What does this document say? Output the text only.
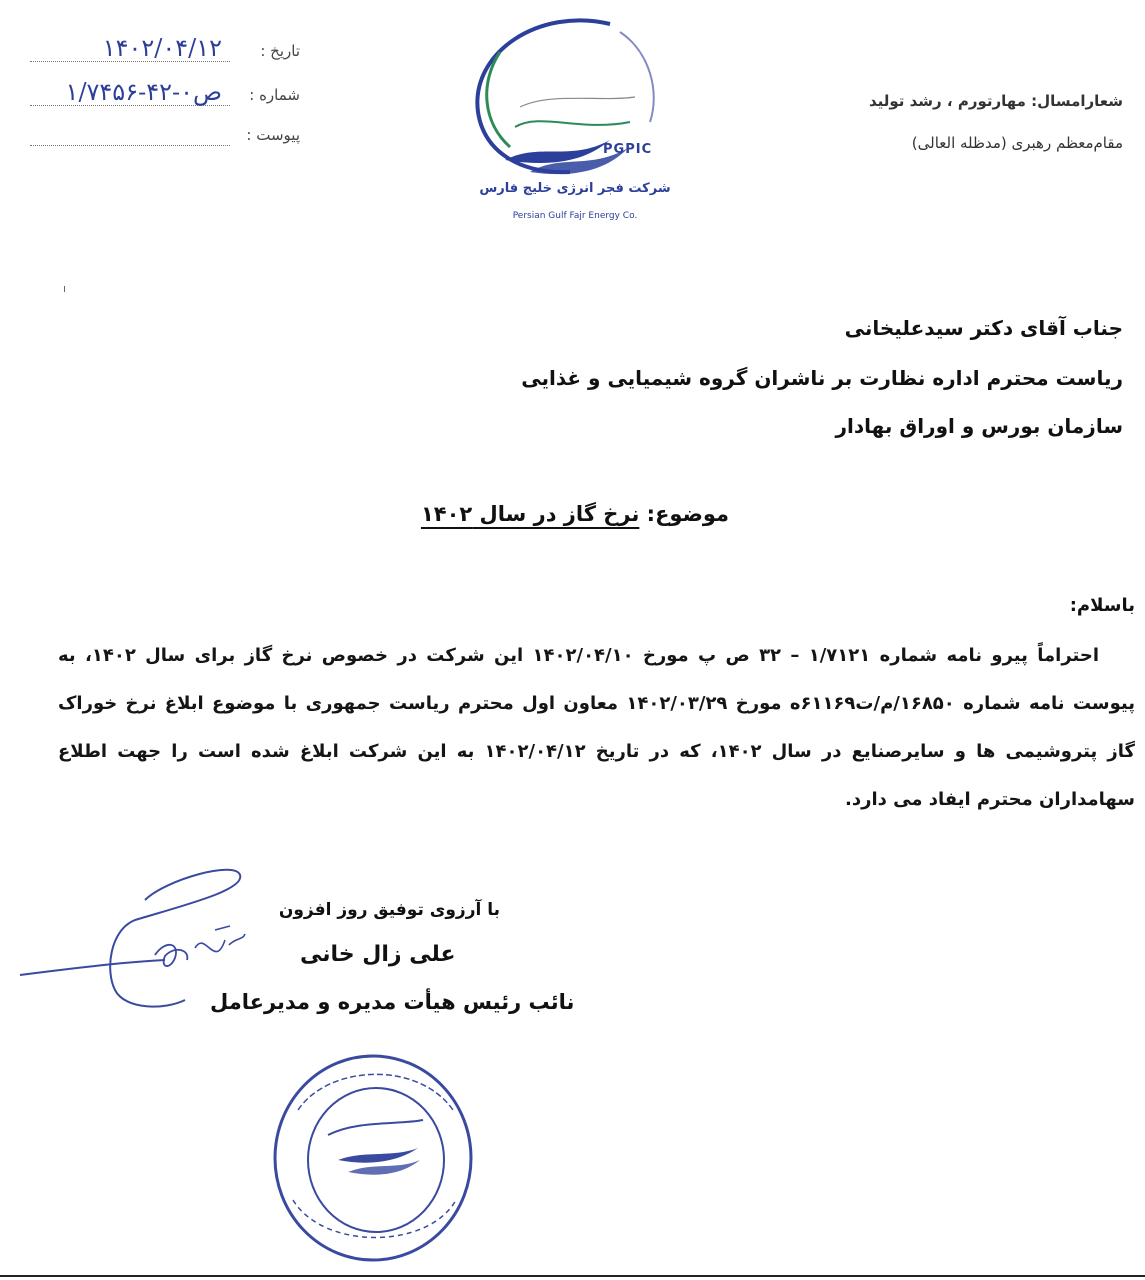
تاریخ :
۱۴۰۲/۰۴/۱۲
شماره :
۱/۷۴۵۶-۴۲-۰ص
پیوست :
شعارامسال: مهارتورم ، رشد تولید
مقام‌معظم رهبری (مدظله العالی)
PGPIC
شرکت فجر انرژی خلیج فارس
Persian Gulf Fajr Energy Co.
جناب آقای دکتر سیدعلیخانی
ریاست محترم اداره نظارت بر ناشران گروه شیمیایی و غذایی
سازمان بورس و اوراق بهادار
موضوع: نرخ گاز در سال ۱۴۰۲
باسلام:
احتراماً پیرو نامه شماره ۱/۷۱۲۱ – ۳۲ ص پ مورخ ۱۴۰۲/۰۴/۱۰ این شرکت در خصوص نرخ گاز برای سال ۱۴۰۲، به پیوست نامه شماره ۱۶۸۵۰/م/ت۶۱۱۶۹ه مورخ ۱۴۰۲/۰۳/۲۹ معاون اول محترم ریاست جمهوری با موضوع ابلاغ نرخ خوراک گاز پتروشیمی ها و سایرصنایع در سال ۱۴۰۲، که در تاریخ ۱۴۰۲/۰۴/۱۲ به این شرکت ابلاغ شده است را جهت اطلاع سهامداران محترم ایفاد می دارد.
با آرزوی توفیق روز افزون
علی زال خانی
نائب رئیس هیأت مدیره و مدیرعامل
